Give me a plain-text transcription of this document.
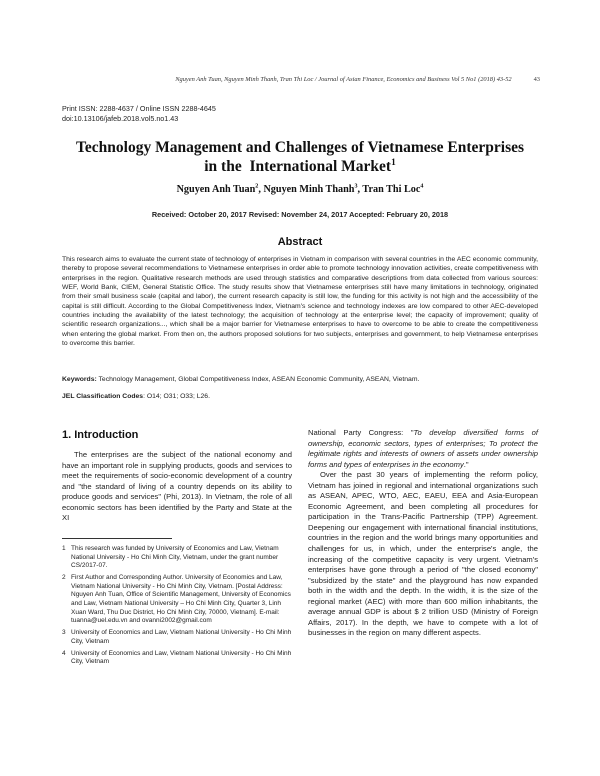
Nguyen Anh Tuan, Nguyen Minh Thanh, Tran Thi Loc / Journal of Asian Finance, Economics and Business Vol 5 No1 (2018) 43-52	43
Print ISSN: 2288-4637 / Online ISSN 2288-4645
doi:10.13106/jafeb.2018.vol5.no1.43
Technology Management and Challenges of Vietnamese Enterprises
in the  International Market$^1$
Nguyen Anh Tuan$^2$, Nguyen Minh Thanh$^3$, Tran Thi Loc$^4$
Received: October 20, 2017 Revised: November 24, 2017 Accepted: February 20, 2018
Abstract
This research aims to evaluate the current state of technology of enterprises in Vietnam in comparison with several countries in the AEC economic community, thereby to propose several recommendations to Vietnamese enterprises in order able to promote technology innovation activities, create competitiveness with enterprises in the region. Qualitative research methods are used through statistics and comparative descriptions from data collected from various sources: WEF, World Bank, CIEM, General Statistic Office. The study results show that Vietnamese enterprises still have many limitations in technology, originated from their small business scale (capital and labor), the current research capacity is still low, the funding for this activity is not high and the accessibility of the capital is still difficult. According to the Global Competitiveness Index, Vietnam's science and technology indexes are low compared to other AEC-developed countries including the availability of the latest technology; the acquisition of technology at the enterprise level; the capacity of improvement; quality of scientific research organizations..., which shall be a major barrier for Vietnamese enterprises to have to overcome to be able to create the competitiveness when entering the global market. From then on, the authors proposed solutions for two subjects, enterprises and government, to help Vietnamese enterprises to overcome this barrier.
Keywords: Technology Management, Global Competitiveness Index, ASEAN Economic Community, ASEAN, Vietnam.
JEL Classification Codes: O14; O31; O33; L26.
1. Introduction

The enterprises are the subject of the national economy and have an important role in supplying products, goods and services to meet the requirements of socio-economic development of a country and "the standard of living of a country depends on its ability to produce goods and services" (Phi, 2013). In Vietnam, the role of all economic sectors has been identified by the Party and State at the XI

1 This research was funded by University of Economics and Law, Vietnam National University - Ho Chi Minh City, Vietnam, under the grant number CS/2017-07.
2 First Author and Corresponding Author. University of Economics and Law, Vietnam National University - Ho Chi Minh City, Vietnam. [Postal Address: Nguyen Anh Tuan, Office of Scientific Management, University of Economics and Law, Vietnam National University – Ho Chi Minh City, Quarter 3, Linh Xuan Ward, Thu Duc District, Ho Chi Minh City, 70000, Vietnam]. E-mail: tuanna@uel.edu.vn and ovanni2002@gmail.com
3 University of Economics and Law, Vietnam National University - Ho Chi Minh City, Vietnam
4 University of Economics and Law, Vietnam National University - Ho Chi Minh City, Vietnam

National Party Congress: "To develop diversified forms of ownership, economic sectors, types of enterprises; To protect the legitimate rights and interests of owners of assets under ownership forms and types of enterprises in the economy."

Over the past 30 years of implementing the reform policy, Vietnam has joined in regional and international organizations such as ASEAN, APEC, WTO, AEC, EAEU, EEA and Asia-European Economic Agreement, and been completing all procedures for participation in the Trans-Pacific Partnership (TPP) Agreement. Deepening our engagement with international financial institutions, countries in the region and the world brings many opportunities and challenges for us, in which, under the enterprise's angle, the increasing of the competitive capacity is very urgent. Vietnam's enterprises have gone through a period of "the closed economy" "subsidized by the state" and the playground has now expanded both in the width and the depth. In the width, it is the size of the regional market (AEC) with more than 600 million inhabitants, the average annual GDP is about $ 2 trillion USD (Ministry of Foreign Affairs, 2017). In the depth, we have to compete with a lot of businesses in the region on many different aspects.
